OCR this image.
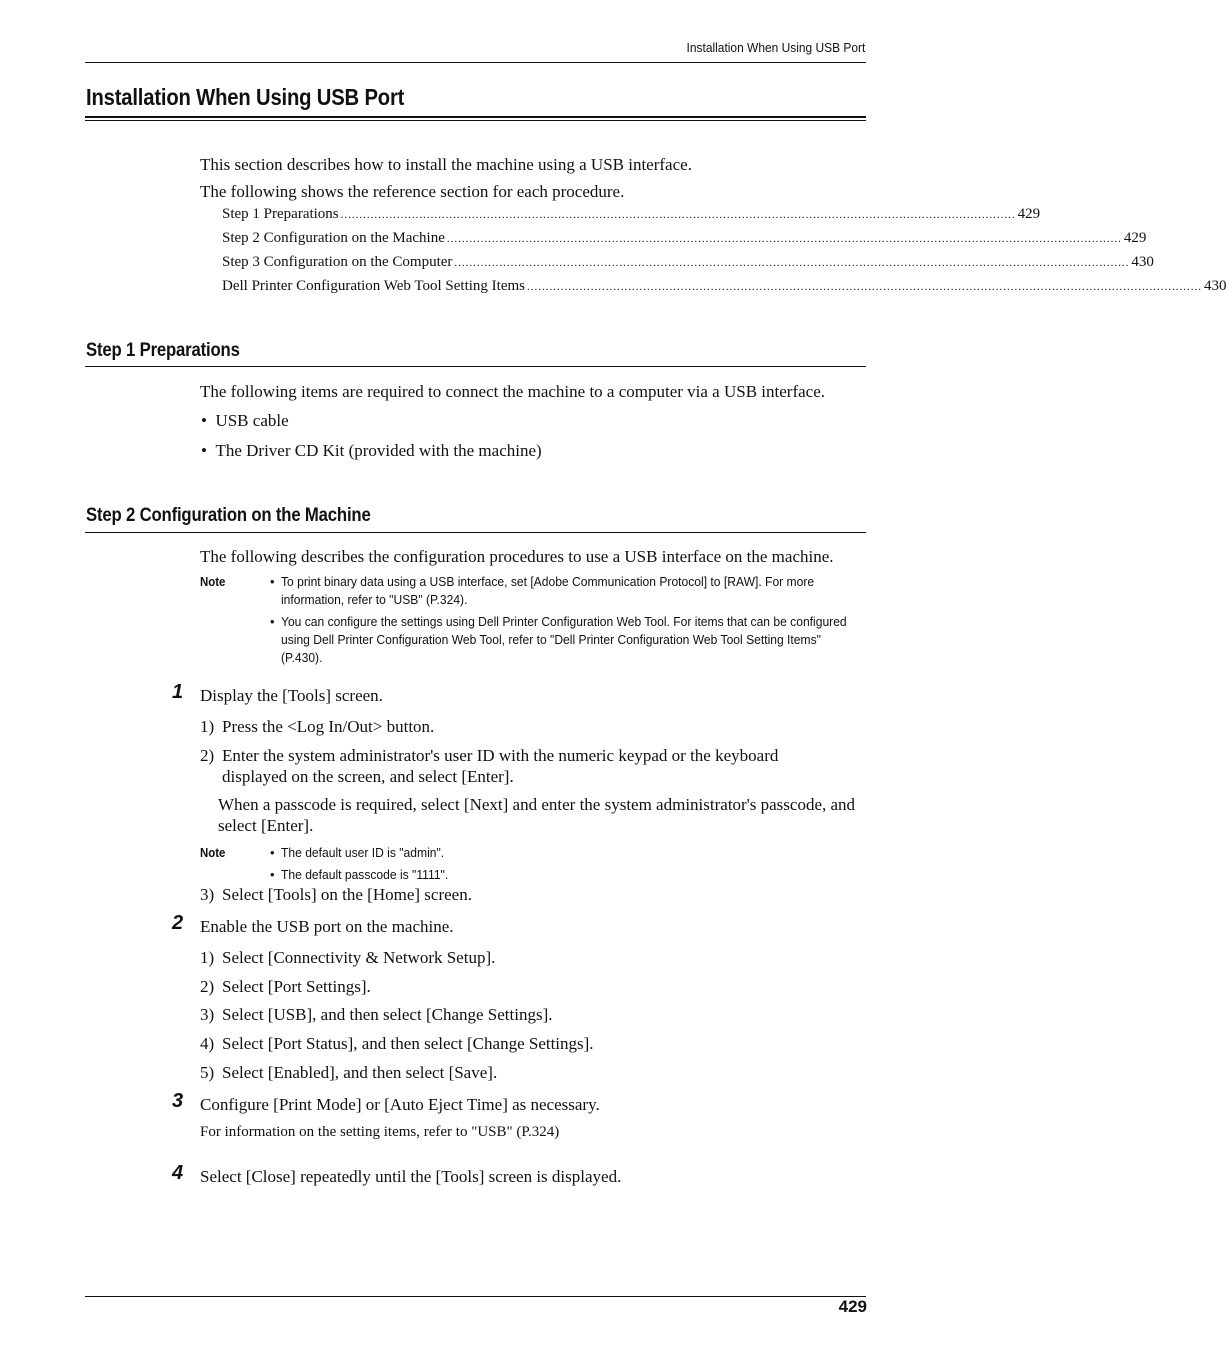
Installation When Using USB Port
Installation When Using USB Port
This section describes how to install the machine using a USB interface.
The following shows the reference section for each procedure.
Step 1 Preparations .................................................................................................................................................................................... 429
Step 2 Configuration on the Machine .................................................................................................................................................................................... 429
Step 3 Configuration on the Computer .................................................................................................................................................................................... 430
Dell Printer Configuration Web Tool Setting Items .................................................................................................................................................................................... 430
Step 1 Preparations
The following items are required to connect the machine to a computer via a USB interface.
•  USB cable
•  The Driver CD Kit (provided with the machine)
Step 2 Configuration on the Machine
The following describes the configuration procedures to use a USB interface on the machine.
Note	• To print binary data using a USB interface, set [Adobe Communication Protocol] to [RAW]. For more information, refer to "USB" (P.324).
• You can configure the settings using Dell Printer Configuration Web Tool. For items that can be configured using Dell Printer Configuration Web Tool, refer to "Dell Printer Configuration Web Tool Setting Items" (P.430).
1 Display the [Tools] screen.
1) Press the <Log In/Out> button.
2) Enter the system administrator's user ID with the numeric keypad or the keyboard displayed on the screen, and select [Enter].
When a passcode is required, select [Next] and enter the system administrator's passcode, and select [Enter].
Note	• The default user ID is "admin".
• The default passcode is "1111".
3) Select [Tools] on the [Home] screen.
2 Enable the USB port on the machine.
1) Select [Connectivity & Network Setup].
2) Select [Port Settings].
3) Select [USB], and then select [Change Settings].
4) Select [Port Status], and then select [Change Settings].
5) Select [Enabled], and then select [Save].
3 Configure [Print Mode] or [Auto Eject Time] as necessary.
For information on the setting items, refer to "USB" (P.324)
4 Select [Close] repeatedly until the [Tools] screen is displayed.
429
